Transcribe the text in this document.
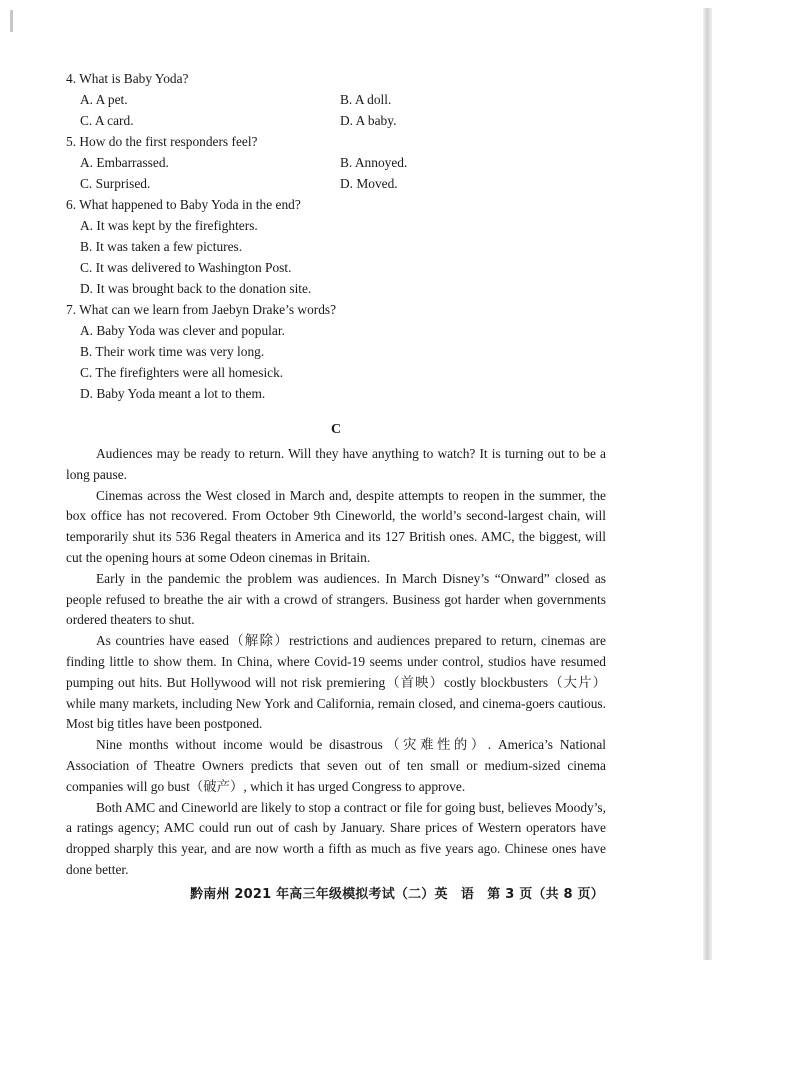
4. What is Baby Yoda?
A. A pet.	B. A doll.
C. A card.	D. A baby.
5. How do the first responders feel?
A. Embarrassed.	B. Annoyed.
C. Surprised.	D. Moved.
6. What happened to Baby Yoda in the end?
A. It was kept by the firefighters.
B. It was taken a few pictures.
C. It was delivered to Washington Post.
D. It was brought back to the donation site.
7. What can we learn from Jaebyn Drake’s words?
A. Baby Yoda was clever and popular.
B. Their work time was very long.
C. The firefighters were all homesick.
D. Baby Yoda meant a lot to them.
C

Audiences may be ready to return. Will they have anything to watch? It is turning out to be a long pause.

Cinemas across the West closed in March and, despite attempts to reopen in the summer, the box office has not recovered. From October 9th Cineworld, the world’s second-largest chain, will temporarily shut its 536 Regal theaters in America and its 127 British ones. AMC, the biggest, will cut the opening hours at some Odeon cinemas in Britain.

Early in the pandemic the problem was audiences. In March Disney’s “Onward” closed as people refused to breathe the air with a crowd of strangers. Business got harder when governments ordered theaters to shut.

As countries have eased（解除）restrictions and audiences prepared to return, cinemas are finding little to show them. In China, where Covid-19 seems under control, studios have resumed pumping out hits. But Hollywood will not risk premiering（首映）costly blockbusters（大片）while many markets, including New York and California, remain closed, and cinema-goers cautious. Most big titles have been postponed.

Nine months without income would be disastrous（灾难性的）. America’s National Association of Theatre Owners predicts that seven out of ten small or medium-sized cinema companies will go bust（破产）, which it has urged Congress to approve.

Both AMC and Cineworld are likely to stop a contract or file for going bust, believes Moody’s, a ratings agency; AMC could run out of cash by January. Share prices of Western operators have dropped sharply this year, and are now worth a fifth as much as five years ago. Chinese ones have done better.

黔南州 2021 年高三年级模拟考试（二）英　语　第 3 页（共 8 页）
